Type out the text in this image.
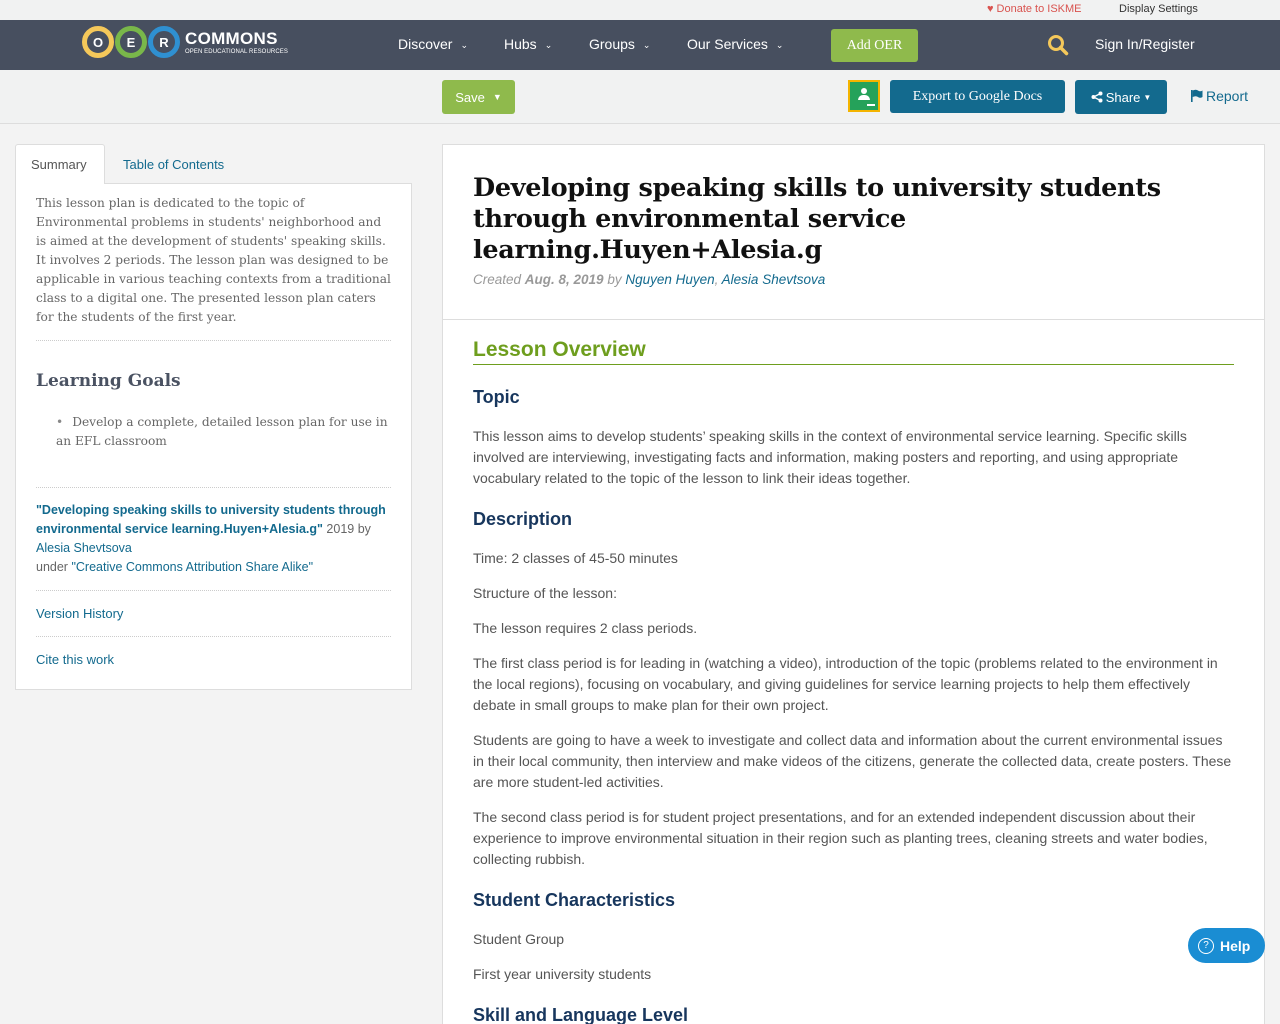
♥ Donate to ISKME	Display Settings
O	E	R COMMONS
OPEN EDUCATIONAL RESOURCES	Discover ⌄	Hubs ⌄	Groups ⌄	Our Services ⌄	Add OER	Sign In/Register
Save ▼	Export to Google Docs	Share ▼	Report
Summary	Table of Contents

This lesson plan is dedicated to the topic of Environmental problems in students' neighborhood and is aimed at the development of students' speaking skills. It involves 2 periods. The lesson plan was designed to be applicable in various teaching contexts from a traditional class to a digital one. The presented lesson plan caters for the students of the first year.

Learning Goals
• Develop a complete, detailed lesson plan for use in an EFL classroom

"Developing speaking skills to university students through environmental service learning.Huyen+Alesia.g" 2019 by Alesia Shevtsova
under "Creative Commons Attribution Share Alike"

Version History
Cite this work
Developing speaking skills to university students through environmental service learning.Huyen+Alesia.g

Created Aug. 8, 2019 by Nguyen Huyen, Alesia Shevtsova

Lesson Overview
Topic

This lesson aims to develop students’ speaking skills in the context of environmental service learning. Specific skills involved are interviewing, investigating facts and information, making posters and reporting, and using appropriate vocabulary related to the topic of the lesson to link their ideas together.

Description

Time: 2 classes of 45-50 minutes

Structure of the lesson:

The lesson requires 2 class periods.

The first class period is for leading in (watching a video), introduction of the topic (problems related to the environment in the local regions), focusing on vocabulary, and giving guidelines for service learning projects to help them effectively debate in small groups to make plan for their own project.

Students are going to have a week to investigate and collect data and information about the current environmental issues in their local community, then interview and make videos of the citizens, generate the collected data, create posters. These are more student-led activities.

The second class period is for student project presentations, and for an extended independent discussion about their experience to improve environmental situation in their region such as planting trees, cleaning streets and water bodies, collecting rubbish.

Student Characteristics

Student Group

First year university students

Skill and Language Level
? Help
